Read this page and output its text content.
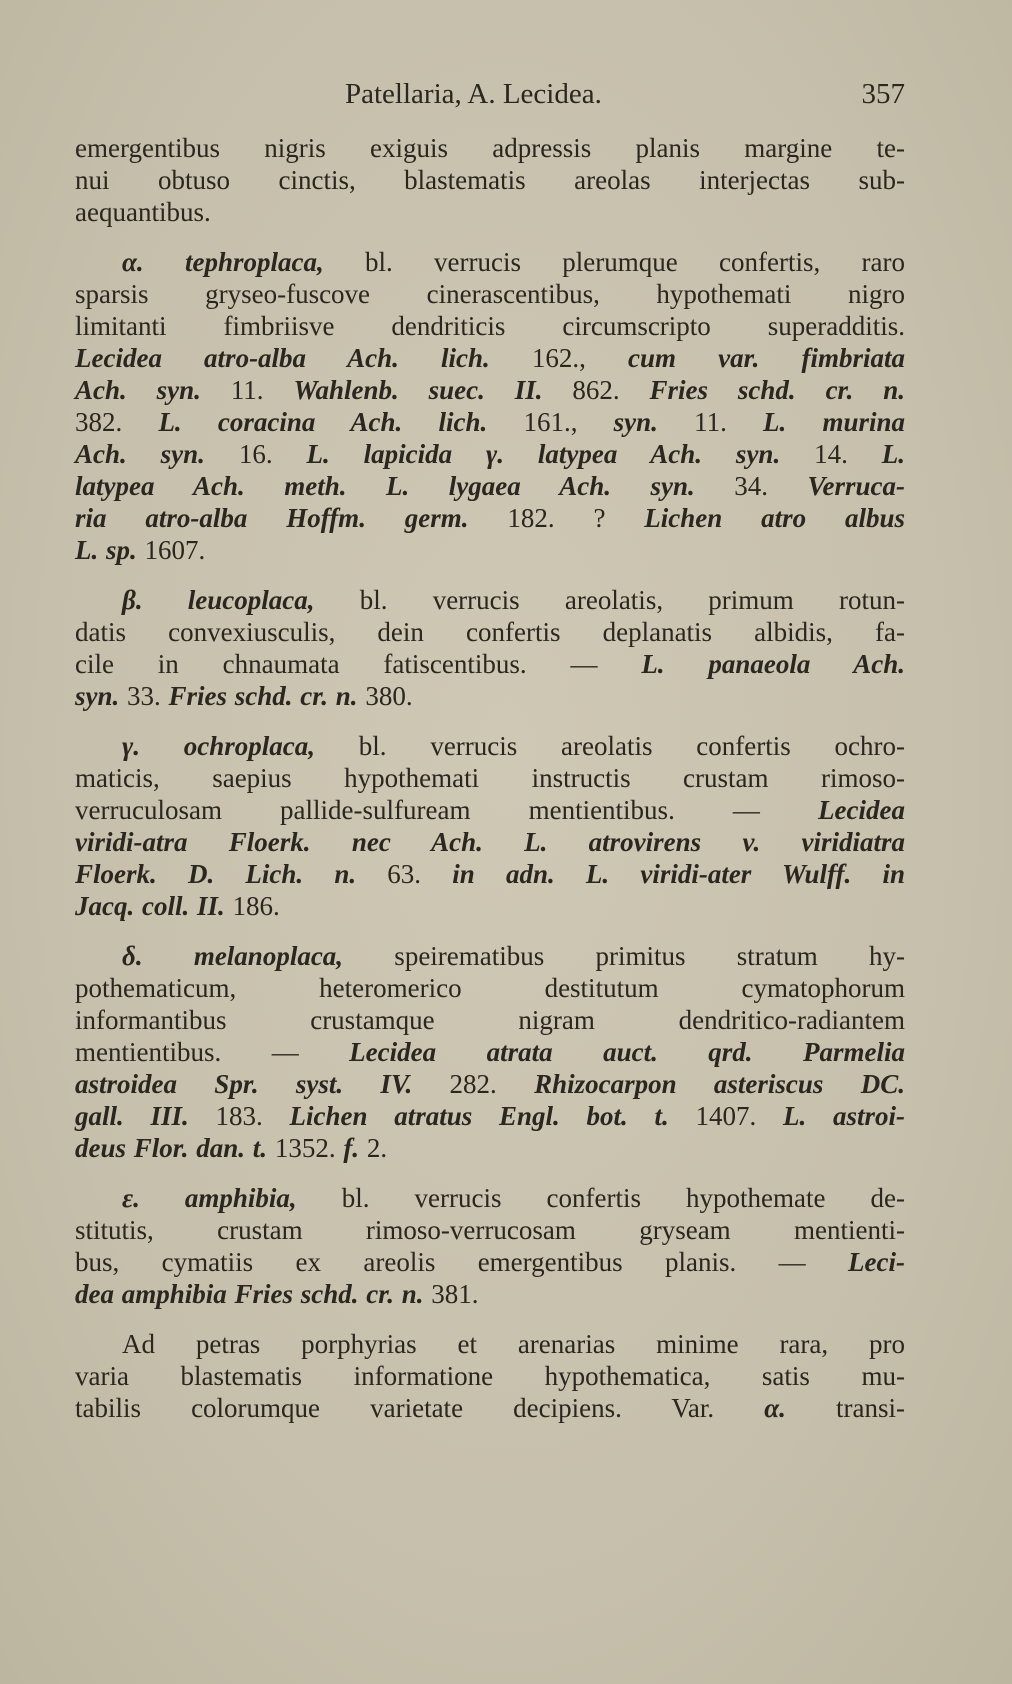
Patellaria, A. Lecidea.	357
emergentibus nigris exiguis adpressis planis margine te-
nui obtuso cinctis, blastematis areolas interjectas sub-
aequantibus.
α. tephroplaca, bl. verrucis plerumque confertis, raro
sparsis gryseo-fuscove cinerascentibus, hypothemati nigro
limitanti fimbriisve dendriticis circumscripto superadditis.
Lecidea atro-alba Ach. lich. 162., cum var. fimbriata
Ach. syn. 11. Wahlenb. suec. II. 862. Fries schd. cr. n.
382. L. coracina Ach. lich. 161., syn. 11. L. murina
Ach. syn. 16. L. lapicida γ. latypea Ach. syn. 14. L.
latypea Ach. meth. L. lygaea Ach. syn. 34. Verruca-
ria atro-alba Hoffm. germ. 182. ? Lichen atro albus
L. sp. 1607.
β. leucoplaca, bl. verrucis areolatis, primum rotun-
datis convexiusculis, dein confertis deplanatis albidis, fa-
cile in chnaumata fatiscentibus. — L. panaeola Ach.
syn. 33. Fries schd. cr. n. 380.
γ. ochroplaca, bl. verrucis areolatis confertis ochro-
maticis, saepius hypothemati instructis crustam rimoso-
verruculosam pallide-sulfuream mentientibus. — Lecidea
viridi-atra Floerk. nec Ach. L. atrovirens v. viridiatra
Floerk. D. Lich. n. 63. in adn. L. viridi-ater Wulff. in
Jacq. coll. II. 186.
δ. melanoplaca, speirematibus primitus stratum hy-
pothematicum, heteromerico destitutum cymatophorum
informantibus crustamque nigram dendritico-radiantem
mentientibus. — Lecidea atrata auct. qrd. Parmelia
astroidea Spr. syst. IV. 282. Rhizocarpon asteriscus DC.
gall. III. 183. Lichen atratus Engl. bot. t. 1407. L. astroi-
deus Flor. dan. t. 1352. f. 2.
ε. amphibia, bl. verrucis confertis hypothemate de-
stitutis, crustam rimoso-verrucosam gryseam mentienti-
bus, cymatiis ex areolis emergentibus planis. — Leci-
dea amphibia Fries schd. cr. n. 381.
Ad petras porphyrias et arenarias minime rara, pro
varia blastematis informatione hypothematica, satis mu-
tabilis colorumque varietate decipiens. Var. α. transi-
